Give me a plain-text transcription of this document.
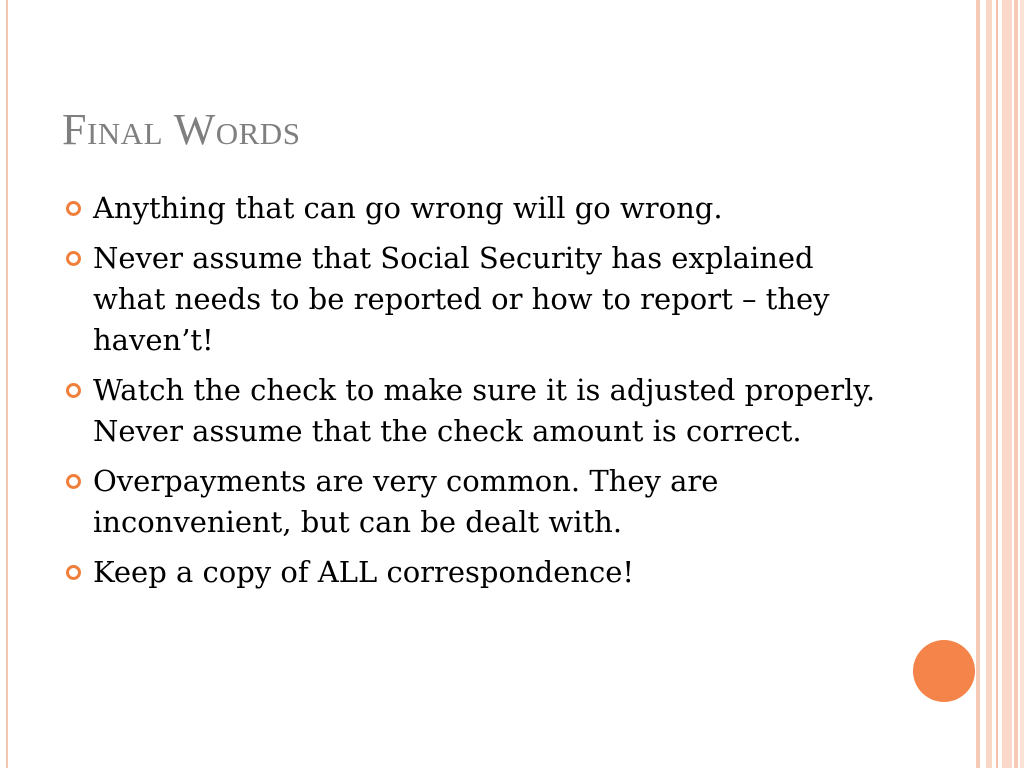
Final Words
Anything that can go wrong will go wrong.
Never assume that Social Security has explained what needs to be reported or how to report – they haven’t!
Watch the check to make sure it is adjusted properly. Never assume that the check amount is correct.
Overpayments are very common. They are inconvenient, but can be dealt with.
Keep a copy of ALL correspondence!
